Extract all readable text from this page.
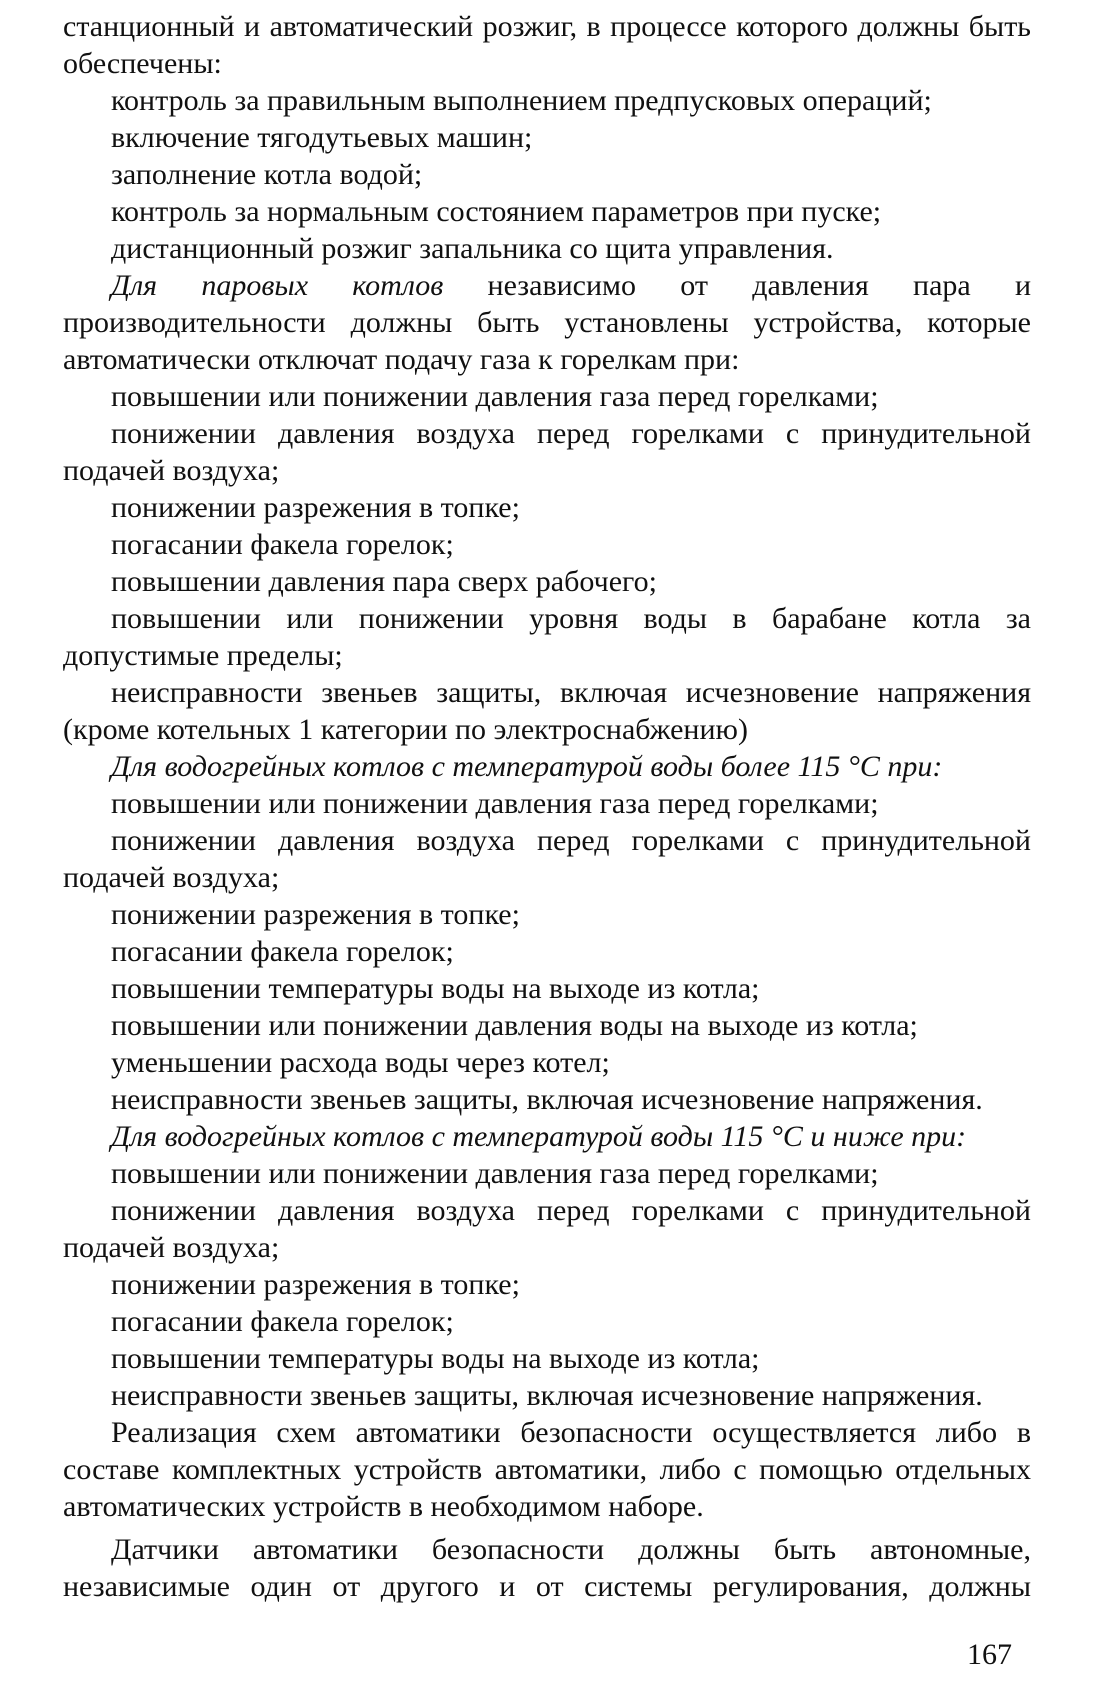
станционный и автоматический розжиг, в процессе которого должны быть обеспечены:

контроль за правильным выполнением предпусковых операций;

включение тягодутьевых машин;

заполнение котла водой;

контроль за нормальным состоянием параметров при пуске;

дистанционный розжиг запальника со щита управления.

Для паровых котлов независимо от давления пара и производительности должны быть установлены устройства, которые автоматически отключат подачу газа к горелкам при:

повышении или понижении давления газа перед горелками;

понижении давления воздуха перед горелками с принудительной подачей воздуха;

понижении разрежения в топке;

погасании факела горелок;

повышении давления пара сверх рабочего;

повышении или понижении уровня воды в барабане котла за допустимые пределы;

неисправности звеньев защиты, включая исчезновение напряжения (кроме котельных 1 категории по электроснабжению)

Для водогрейных котлов с температурой воды более 115 °С при:

повышении или понижении давления газа перед горелками;

понижении давления воздуха перед горелками с принудительной подачей воздуха;

понижении разрежения в топке;

погасании факела горелок;

повышении температуры воды на выходе из котла;

повышении или понижении давления воды на выходе из котла;

уменьшении расхода воды через котел;

неисправности звеньев защиты, включая исчезновение напряжения.

Для водогрейных котлов с температурой воды 115 °С и ниже при:

повышении или понижении давления газа перед горелками;

понижении давления воздуха перед горелками с принудительной подачей воздуха;

понижении разрежения в топке;

погасании факела горелок;

повышении температуры воды на выходе из котла;

неисправности звеньев защиты, включая исчезновение напряжения.

Реализация схем автоматики безопасности осуществляется либо в составе комплектных устройств автоматики, либо с помощью отдельных автоматических устройств в необходимом наборе.

Датчики автоматики безопасности должны быть автономные, независимые один от другого и от системы регулирования, должны

167
